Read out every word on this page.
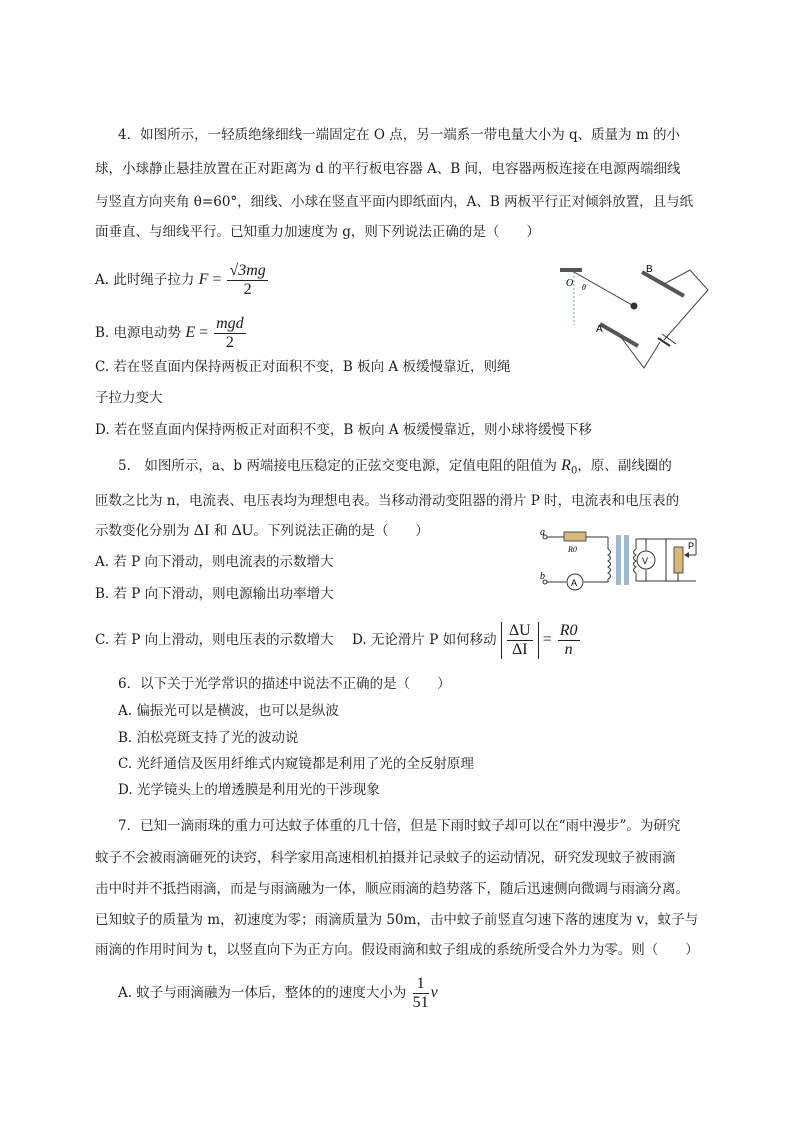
4．如图所示，一轻质绝缘细线一端固定在 O 点，另一端系一带电量大小为 q、质量为 m 的小
球，小球静止悬挂放置在正对距离为 d 的平行板电容器 A、B 间，电容器两板连接在电源两端细线
与竖直方向夹角 θ=60°，细线、小球在竖直平面内即纸面内，A、B 两板平行正对倾斜放置，且与纸
面垂直、与细线平行。已知重力加速度为 g，则下列说法正确的是（　　）
A. 此时绳子拉力 $F = \frac{√3mg}{2}$
B. 电源电动势 $E = \frac{\text{mgd}}{2}$
C. 若在竖直面内保持两板正对面积不变，B 板向 A 板缓慢靠近，则绳
子拉力变大
D. 若在竖直面内保持两板正对面积不变，B 板向 A 板缓慢靠近，则小球将缓慢下移
O θ
A
B
5.　如图所示，a、b 两端接电压稳定的正弦交变电源，定值电阻的阻值为 $R_0$，原、副线圈的
匝数之比为 n，电流表、电压表均为理想电表。当移动滑动变阻器的滑片 P 时，电流表和电压表的
示数变化分别为 ΔI 和 ΔU。下列说法正确的是（　　）
A. 若 P 向下滑动，则电流表的示数增大
B. 若 P 向下滑动，则电源输出功率增大
C. 若 P 向上滑动，则电压表的示数增大 D. 无论滑片 P 如何移动 $\frac{\Delta U}{\Delta I} = \frac{R0}{n}$
a
b
R0
V
A
P
6．以下关于光学常识的描述中说法不正确的是（　　）
A. 偏振光可以是横波，也可以是纵波
B. 泊松亮斑支持了光的波动说
C. 光纤通信及医用纤维式内窥镜都是利用了光的全反射原理
D. 光学镜头上的增透膜是利用光的干涉现象
7．已知一滴雨珠的重力可达蚊子体重的几十倍，但是下雨时蚊子却可以在“雨中漫步”。为研究
蚊子不会被雨滴砸死的诀窍，科学家用高速相机拍摄并记录蚊子的运动情况，研究发现蚊子被雨滴
击中时并不抵挡雨滴，而是与雨滴融为一体，顺应雨滴的趋势落下，随后迅速侧向微调与雨滴分离。
已知蚊子的质量为 m，初速度为零；雨滴质量为 50m，击中蚊子前竖直匀速下落的速度为 v，蚊子与
雨滴的作用时间为 t，以竖直向下为正方向。假设雨滴和蚊子组成的系统所受合外力为零。则（　　）
A. 蚊子与雨滴融为一体后，整体的的速度大小为 $\frac{1}{51}$ v
